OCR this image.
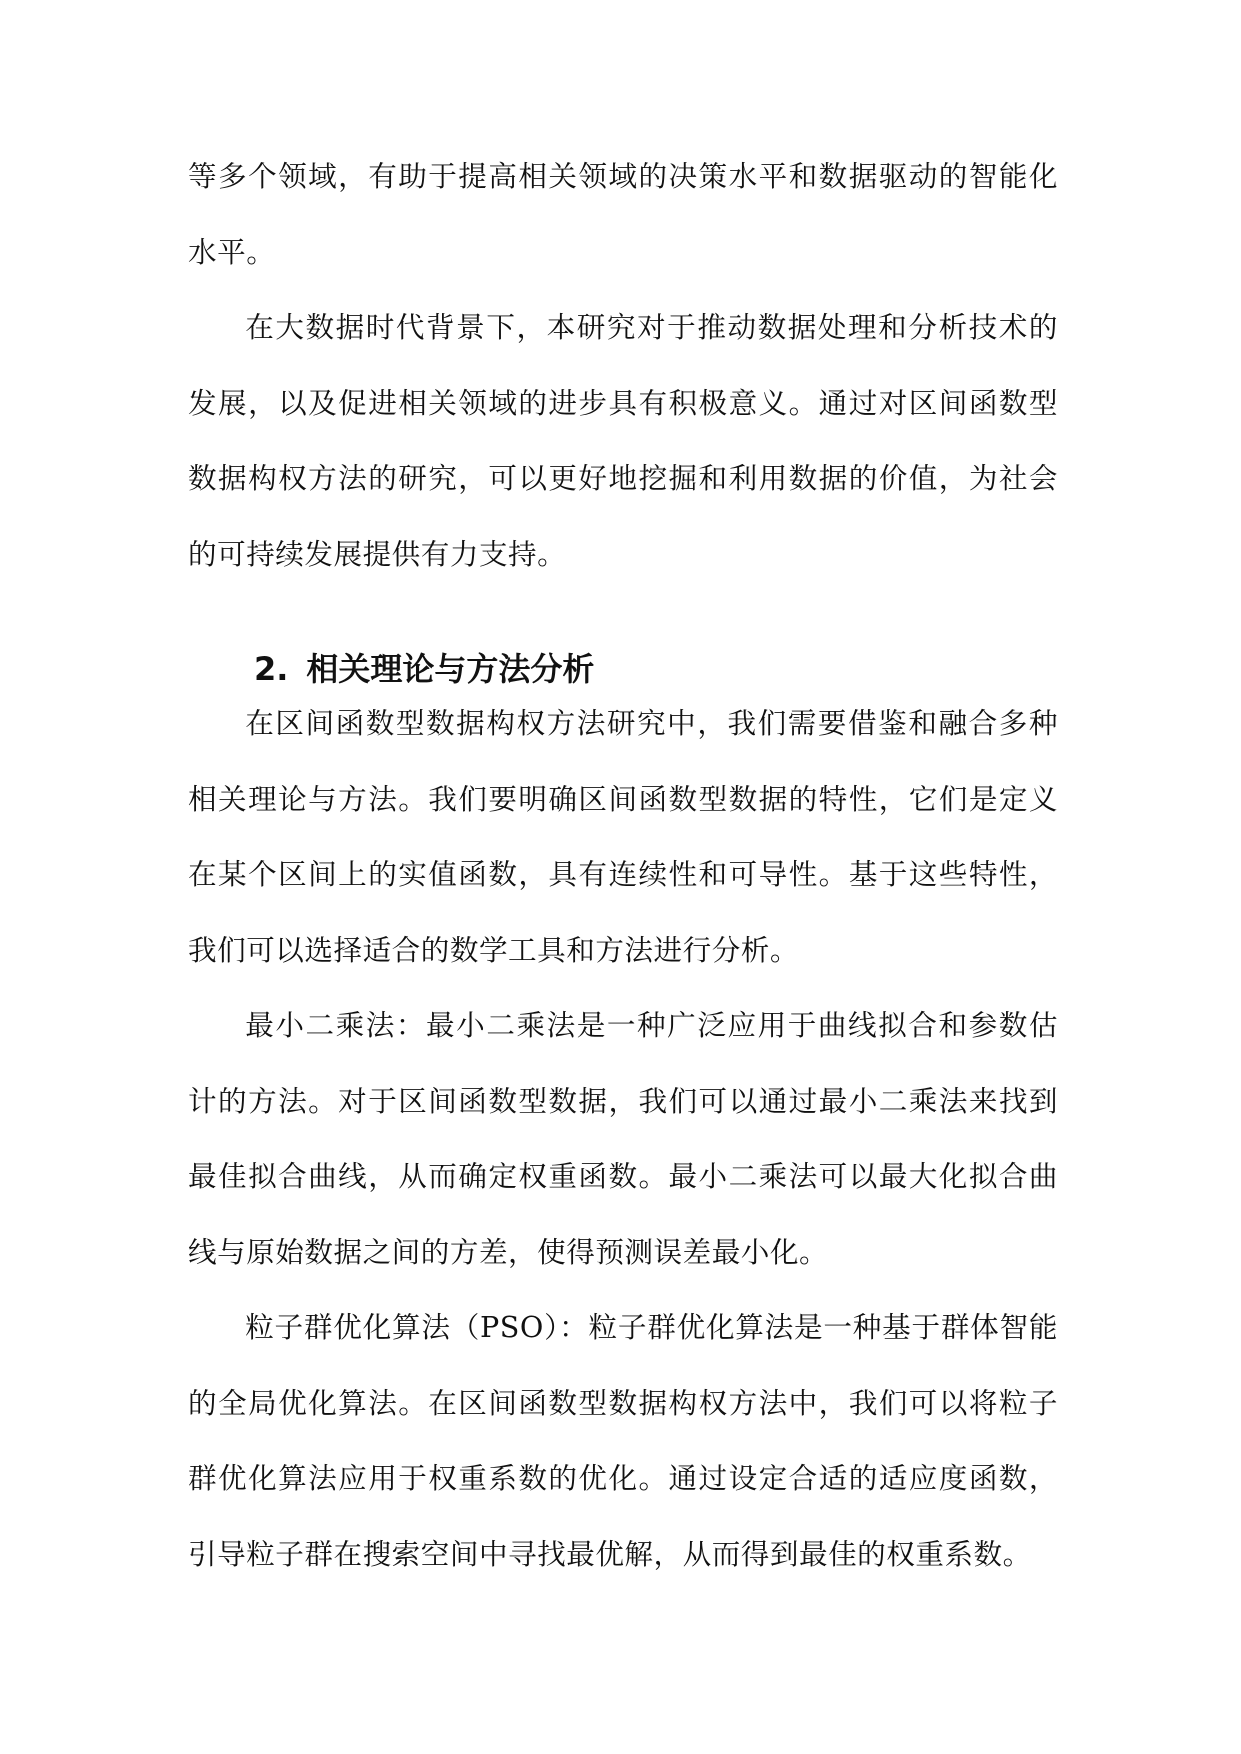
等多个领域，有助于提高相关领域的决策水平和数据驱动的智能化水平。

在大数据时代背景下，本研究对于推动数据处理和分析技术的发展，以及促进相关领域的进步具有积极意义。通过对区间函数型数据构权方法的研究，可以更好地挖掘和利用数据的价值，为社会的可持续发展提供有力支持。

2. 相关理论与方法分析

在区间函数型数据构权方法研究中，我们需要借鉴和融合多种相关理论与方法。我们要明确区间函数型数据的特性，它们是定义在某个区间上的实值函数，具有连续性和可导性。基于这些特性，我们可以选择适合的数学工具和方法进行分析。

最小二乘法：最小二乘法是一种广泛应用于曲线拟合和参数估计的方法。对于区间函数型数据，我们可以通过最小二乘法来找到最佳拟合曲线，从而确定权重函数。最小二乘法可以最大化拟合曲线与原始数据之间的方差，使得预测误差最小化。

粒子群优化算法（PSO）：粒子群优化算法是一种基于群体智能的全局优化算法。在区间函数型数据构权方法中，我们可以将粒子群优化算法应用于权重系数的优化。通过设定合适的适应度函数，引导粒子群在搜索空间中寻找最优解，从而得到最佳的权重系数。
